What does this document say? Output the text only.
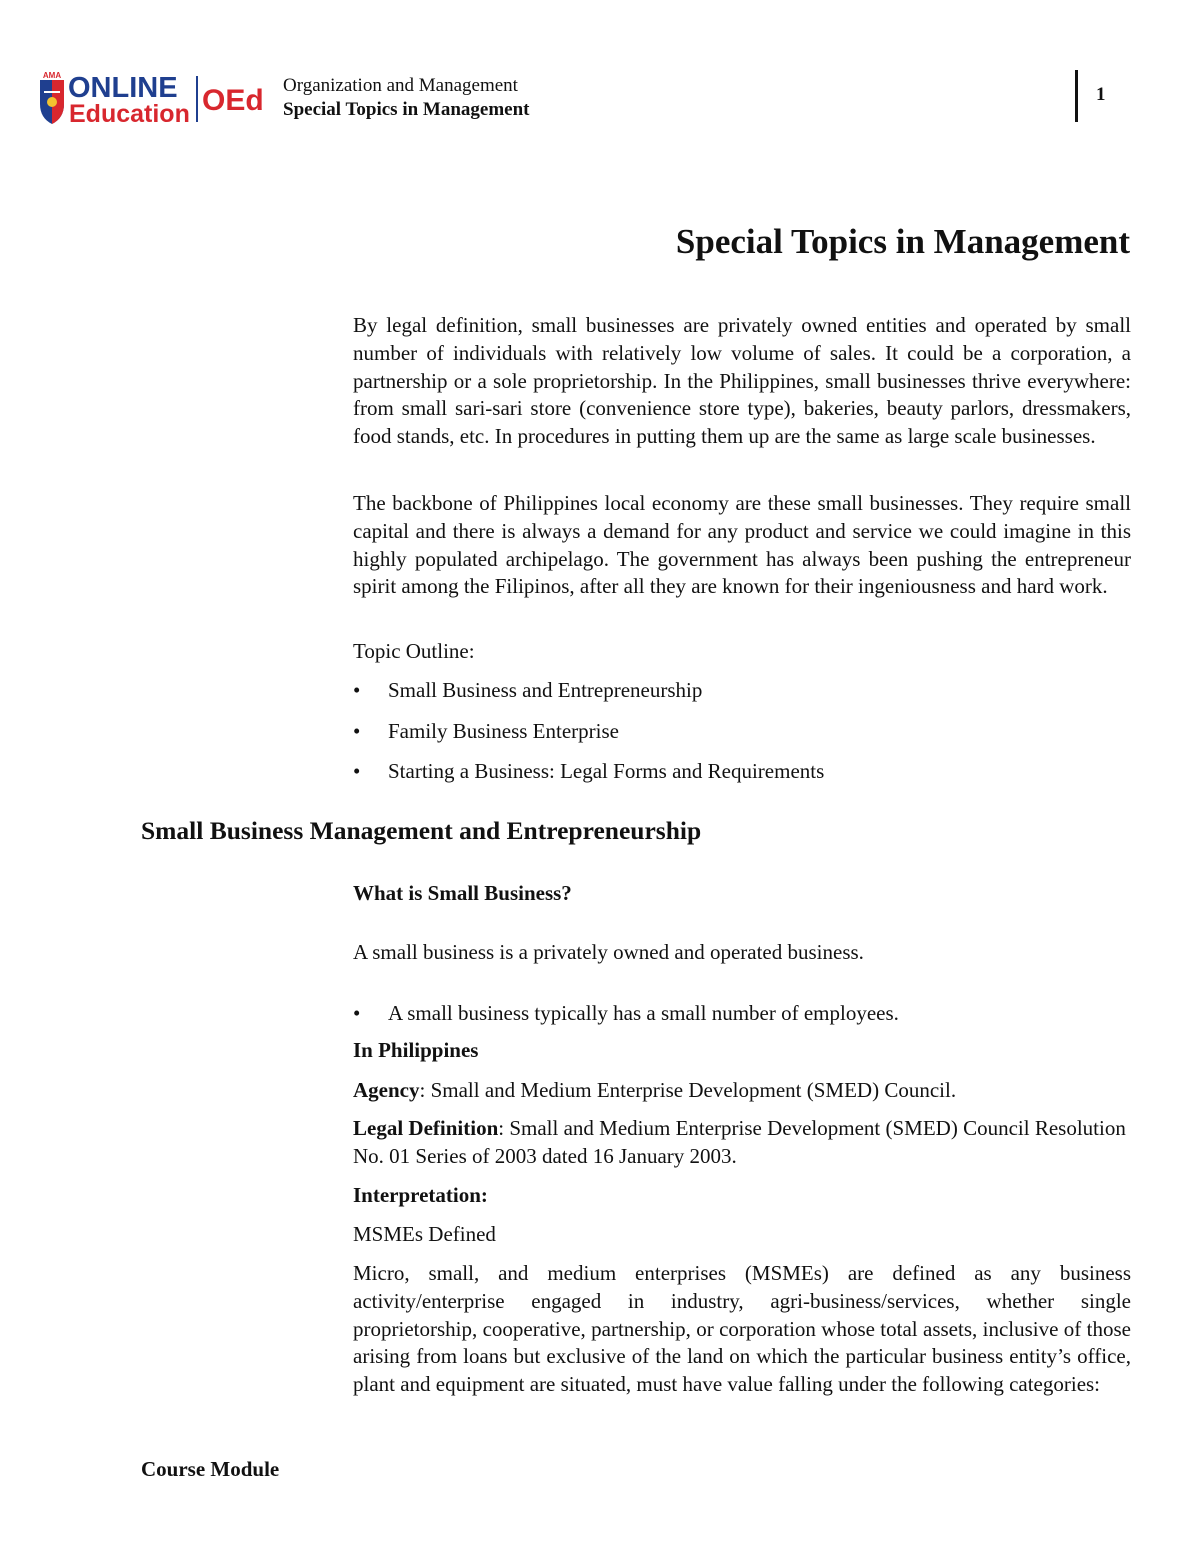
AMA ONLINE
Education OEd Organization and Management
Special Topics in Management
1
Special Topics in Management

By legal definition, small businesses are privately owned entities and operated by small number of individuals with relatively low volume of sales. It could be a corporation, a partnership or a sole proprietorship. In the Philippines, small businesses thrive everywhere: from small sari-sari store (convenience store type), bakeries, beauty parlors, dressmakers, food stands, etc. In procedures in putting them up are the same as large scale businesses.

The backbone of Philippines local economy are these small businesses. They require small capital and there is always a demand for any product and service we could imagine in this highly populated archipelago. The government has always been pushing the entrepreneur spirit among the Filipinos, after all they are known for their ingeniousness and hard work.

Topic Outline:

• Small Business and Entrepreneurship
• Family Business Enterprise
• Starting a Business: Legal Forms and Requirements
Small Business Management and Entrepreneurship

What is Small Business?

A small business is a privately owned and operated business.

• A small business typically has a small number of employees.

In Philippines

Agency: Small and Medium Enterprise Development (SMED) Council.

Legal Definition: Small and Medium Enterprise Development (SMED) Council Resolution No. 01 Series of 2003 dated 16 January 2003.

Interpretation:

MSMEs Defined

Micro, small, and medium enterprises (MSMEs) are defined as any business activity/enterprise engaged in industry, agri-business/services, whether single proprietorship, cooperative, partnership, or corporation whose total assets, inclusive of those arising from loans but exclusive of the land on which the particular business entity’s office, plant and equipment are situated, must have value falling under the following categories:

Course Module
